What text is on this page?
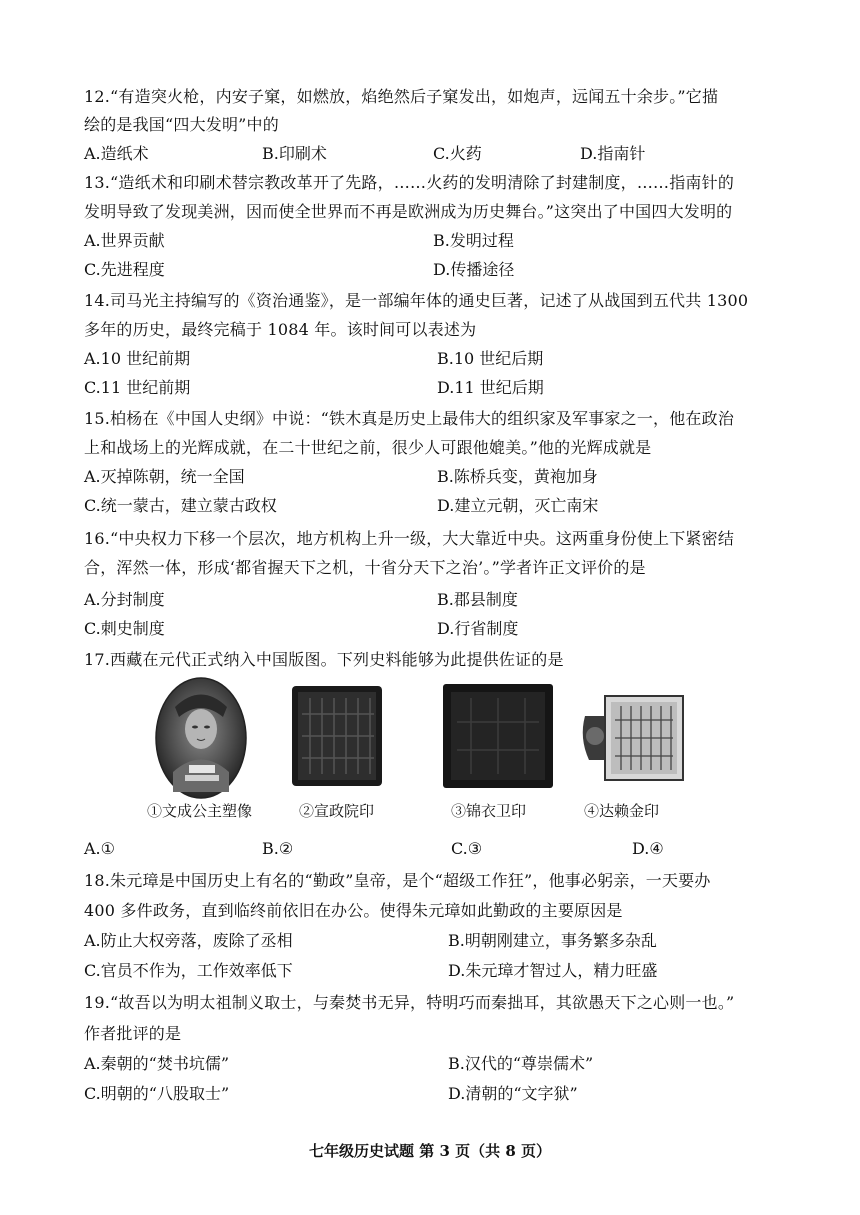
12.“有造突火枪，内安子窠，如燃放，焰绝然后子窠发出，如炮声，远闻五十余步。”它描
绘的是我国“四大发明”中的
A.造纸术	B.印刷术	C.火药	D.指南针
13.“造纸术和印刷术替宗教改革开了先路，……火药的发明清除了封建制度，……指南针的
发明导致了发现美洲，因而使全世界而不再是欧洲成为历史舞台。”这突出了中国四大发明的
A.世界贡献	B.发明过程
C.先进程度	D.传播途径
14.司马光主持编写的《资治通鉴》，是一部编年体的通史巨著，记述了从战国到五代共 1300
多年的历史，最终完稿于 1084 年。该时间可以表述为
A.10 世纪前期	B.10 世纪后期
C.11 世纪前期	D.11 世纪后期
15.柏杨在《中国人史纲》中说：“铁木真是历史上最伟大的组织家及军事家之一，他在政治
上和战场上的光辉成就，在二十世纪之前，很少人可跟他媲美。”他的光辉成就是
A.灭掉陈朝，统一全国	B.陈桥兵变，黄袍加身
C.统一蒙古，建立蒙古政权	D.建立元朝，灭亡南宋
16.“中央权力下移一个层次，地方机构上升一级，大大靠近中央。这两重身份使上下紧密结
合，浑然一体，形成‘都省握天下之机，十省分天下之治’。”学者许正文评价的是
A.分封制度	B.郡县制度
C.刺史制度	D.行省制度
17.西藏在元代正式纳入中国版图。下列史料能够为此提供佐证的是
①文成公主塑像	②宣政院印	③锦衣卫印	④达赖金印
A.①	B.②	C.③	D.④
18.朱元璋是中国历史上有名的“勤政”皇帝，是个“超级工作狂”，他事必躬亲，一天要办
400 多件政务，直到临终前依旧在办公。使得朱元璋如此勤政的主要原因是
A.防止大权旁落，废除了丞相	B.明朝刚建立，事务繁多杂乱
C.官员不作为，工作效率低下	D.朱元璋才智过人，精力旺盛
19.“故吾以为明太祖制义取士，与秦焚书无异，特明巧而秦拙耳，其欲愚天下之心则一也。”
作者批评的是
A.秦朝的“焚书坑儒”	B.汉代的“尊崇儒术”
C.明朝的“八股取士”	D.清朝的“文字狱”
七年级历史试题 第 3 页（共 8 页）
